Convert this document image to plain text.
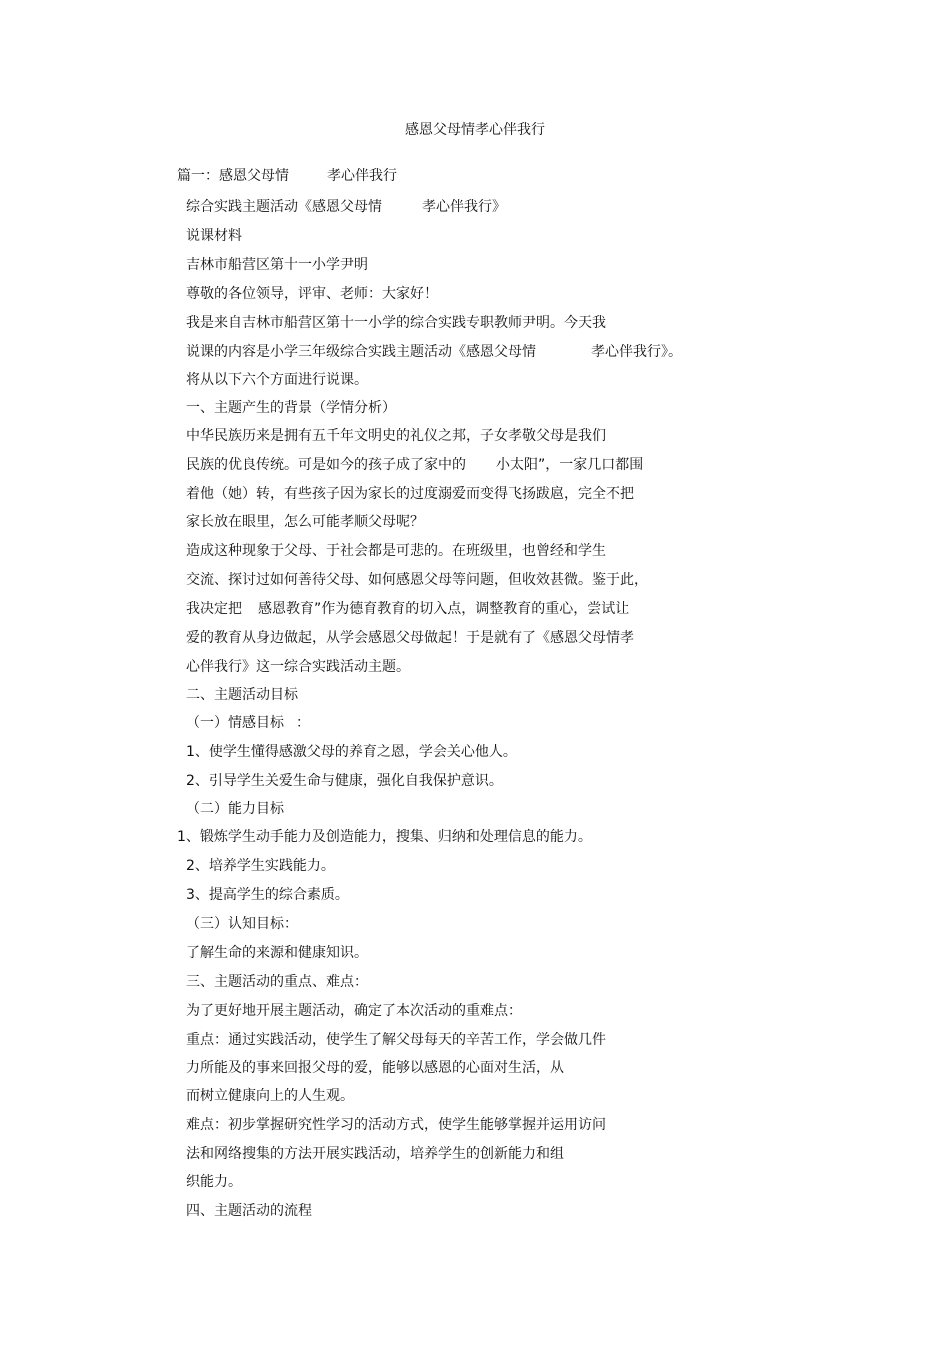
感恩父母情孝心伴我行
篇一：感恩父母情	孝心伴我行
综合实践主题活动《感恩父母情	孝心伴我行》
说课材料
吉林市船营区第十一小学尹明
尊敬的各位领导，评审、老师：大家好！
我是来自吉林市船营区第十一小学的综合实践专职教师尹明。今天我
说课的内容是小学三年级综合实践主题活动《感恩父母情	孝心伴我行》。
将从以下六个方面进行说课。
一、主题产生的背景（学情分析）
中华民族历来是拥有五千年文明史的礼仪之邦，子女孝敬父母是我们
民族的优良传统。可是如今的孩子成了家中的 小太阳”，一家几口都围
着他（她）转，有些孩子因为家长的过度溺爱而变得飞扬跋扈，完全不把
家长放在眼里，怎么可能孝顺父母呢？
造成这种现象于父母、于社会都是可悲的。在班级里，也曾经和学生
交流、探讨过如何善待父母、如何感恩父母等问题，但收效甚微。鉴于此，
我决定把 感恩教育”作为德育教育的切入点，调整教育的重心，尝试让
爱的教育从身边做起，从学会感恩父母做起！于是就有了《感恩父母情孝
心伴我行》这一综合实践活动主题。
二、主题活动目标
（一）情感目标 ：
1、使学生懂得感激父母的养育之恩，学会关心他人。
2、引导学生关爱生命与健康，强化自我保护意识。
（二）能力目标
1、锻炼学生动手能力及创造能力，搜集、归纳和处理信息的能力。
2、培养学生实践能力。
3、提高学生的综合素质。
（三）认知目标：
了解生命的来源和健康知识。
三、主题活动的重点、难点：
为了更好地开展主题活动，确定了本次活动的重难点：
重点：通过实践活动，使学生了解父母每天的辛苦工作，学会做几件
力所能及的事来回报父母的爱，能够以感恩的心面对生活，从
而树立健康向上的人生观。
难点：初步掌握研究性学习的活动方式，使学生能够掌握并运用访问
法和网络搜集的方法开展实践活动，培养学生的创新能力和组
织能力。
四、主题活动的流程
